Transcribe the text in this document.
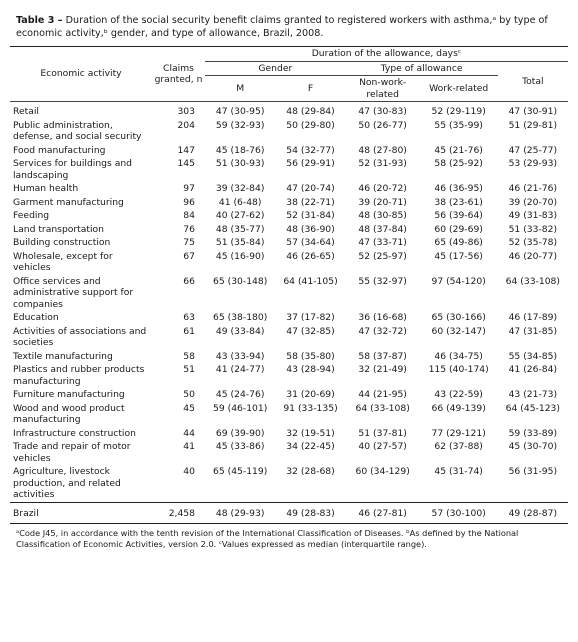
Table 3 – Duration of the social security benefit claims granted to registered workers with asthma,ᵃ by type of economic activity,ᵇ gender, and type of allowance, Brazil, 2008.

Economic activity	Claims granted, n	Duration of the allowance, daysᶜ				
		Gender		Type of allowance		Total
		M	F	Non-work-related	Work-related	

Retail	303	47 (30-95)	48 (29-84)	47 (30-83)	52 (29-119)	47 (30-91)
Public administration, defense, and social security	204	59 (32-93)	50 (29-80)	50 (26-77)	55 (35-99)	51 (29-81)
Food manufacturing	147	45 (18-76)	54 (32-77)	48 (27-80)	45 (21-76)	47 (25-77)
Services for buildings and landscaping	145	51 (30-93)	56 (29-91)	52 (31-93)	58 (25-92)	53 (29-93)
Human health	97	39 (32-84)	47 (20-74)	46 (20-72)	46 (36-95)	46 (21-76)
Garment manufacturing	96	41 (6-48)	38 (22-71)	39 (20-71)	38 (23-61)	39 (20-70)
Feeding	84	40 (27-62)	52 (31-84)	48 (30-85)	56 (39-64)	49 (31-83)
Land transportation	76	48 (35-77)	48 (36-90)	48 (37-84)	60 (29-69)	51 (33-82)
Building construction	75	51 (35-84)	57 (34-64)	47 (33-71)	65 (49-86)	52 (35-78)
Wholesale, except for vehicles	67	45 (16-90)	46 (26-65)	52 (25-97)	45 (17-56)	46 (20-77)
Office services and administrative support for companies	66	65 (30-148)	64 (41-105)	55 (32-97)	97 (54-120)	64 (33-108)
Education	63	65 (38-180)	37 (17-82)	36 (16-68)	65 (30-166)	46 (17-89)
Activities of associations and societies	61	49 (33-84)	47 (32-85)	47 (32-72)	60 (32-147)	47 (31-85)
Textile manufacturing	58	43 (33-94)	58 (35-80)	58 (37-87)	46 (34-75)	55 (34-85)
Plastics and rubber products manufacturing	51	41 (24-77)	43 (28-94)	32 (21-49)	115 (40-174)	41 (26-84)
Furniture manufacturing	50	45 (24-76)	31 (20-69)	44 (21-95)	43 (22-59)	43 (21-73)
Wood and wood product manufacturing	45	59 (46-101)	91 (33-135)	64 (33-108)	66 (49-139)	64 (45-123)
Infrastructure construction	44	69 (39-90)	32 (19-51)	51 (37-81)	77 (29-121)	59 (33-89)
Trade and repair of motor vehicles	41	45 (33-86)	34 (22-45)	40 (27-57)	62 (37-88)	45 (30-70)
Agriculture, livestock production, and related activities	40	65 (45-119)	32 (28-68)	60 (34-129)	45 (31-74)	56 (31-95)
Brazil	2,458	48 (29-93)	49 (28-83)	46 (27-81)	57 (30-100)	49 (28-87)
ᵃCode J45, in accordance with the tenth revision of the International Classification of Diseases. ᵇAs defined by the National Classification of Economic Activities, version 2.0. ᶜValues expressed as median (interquartile range).
